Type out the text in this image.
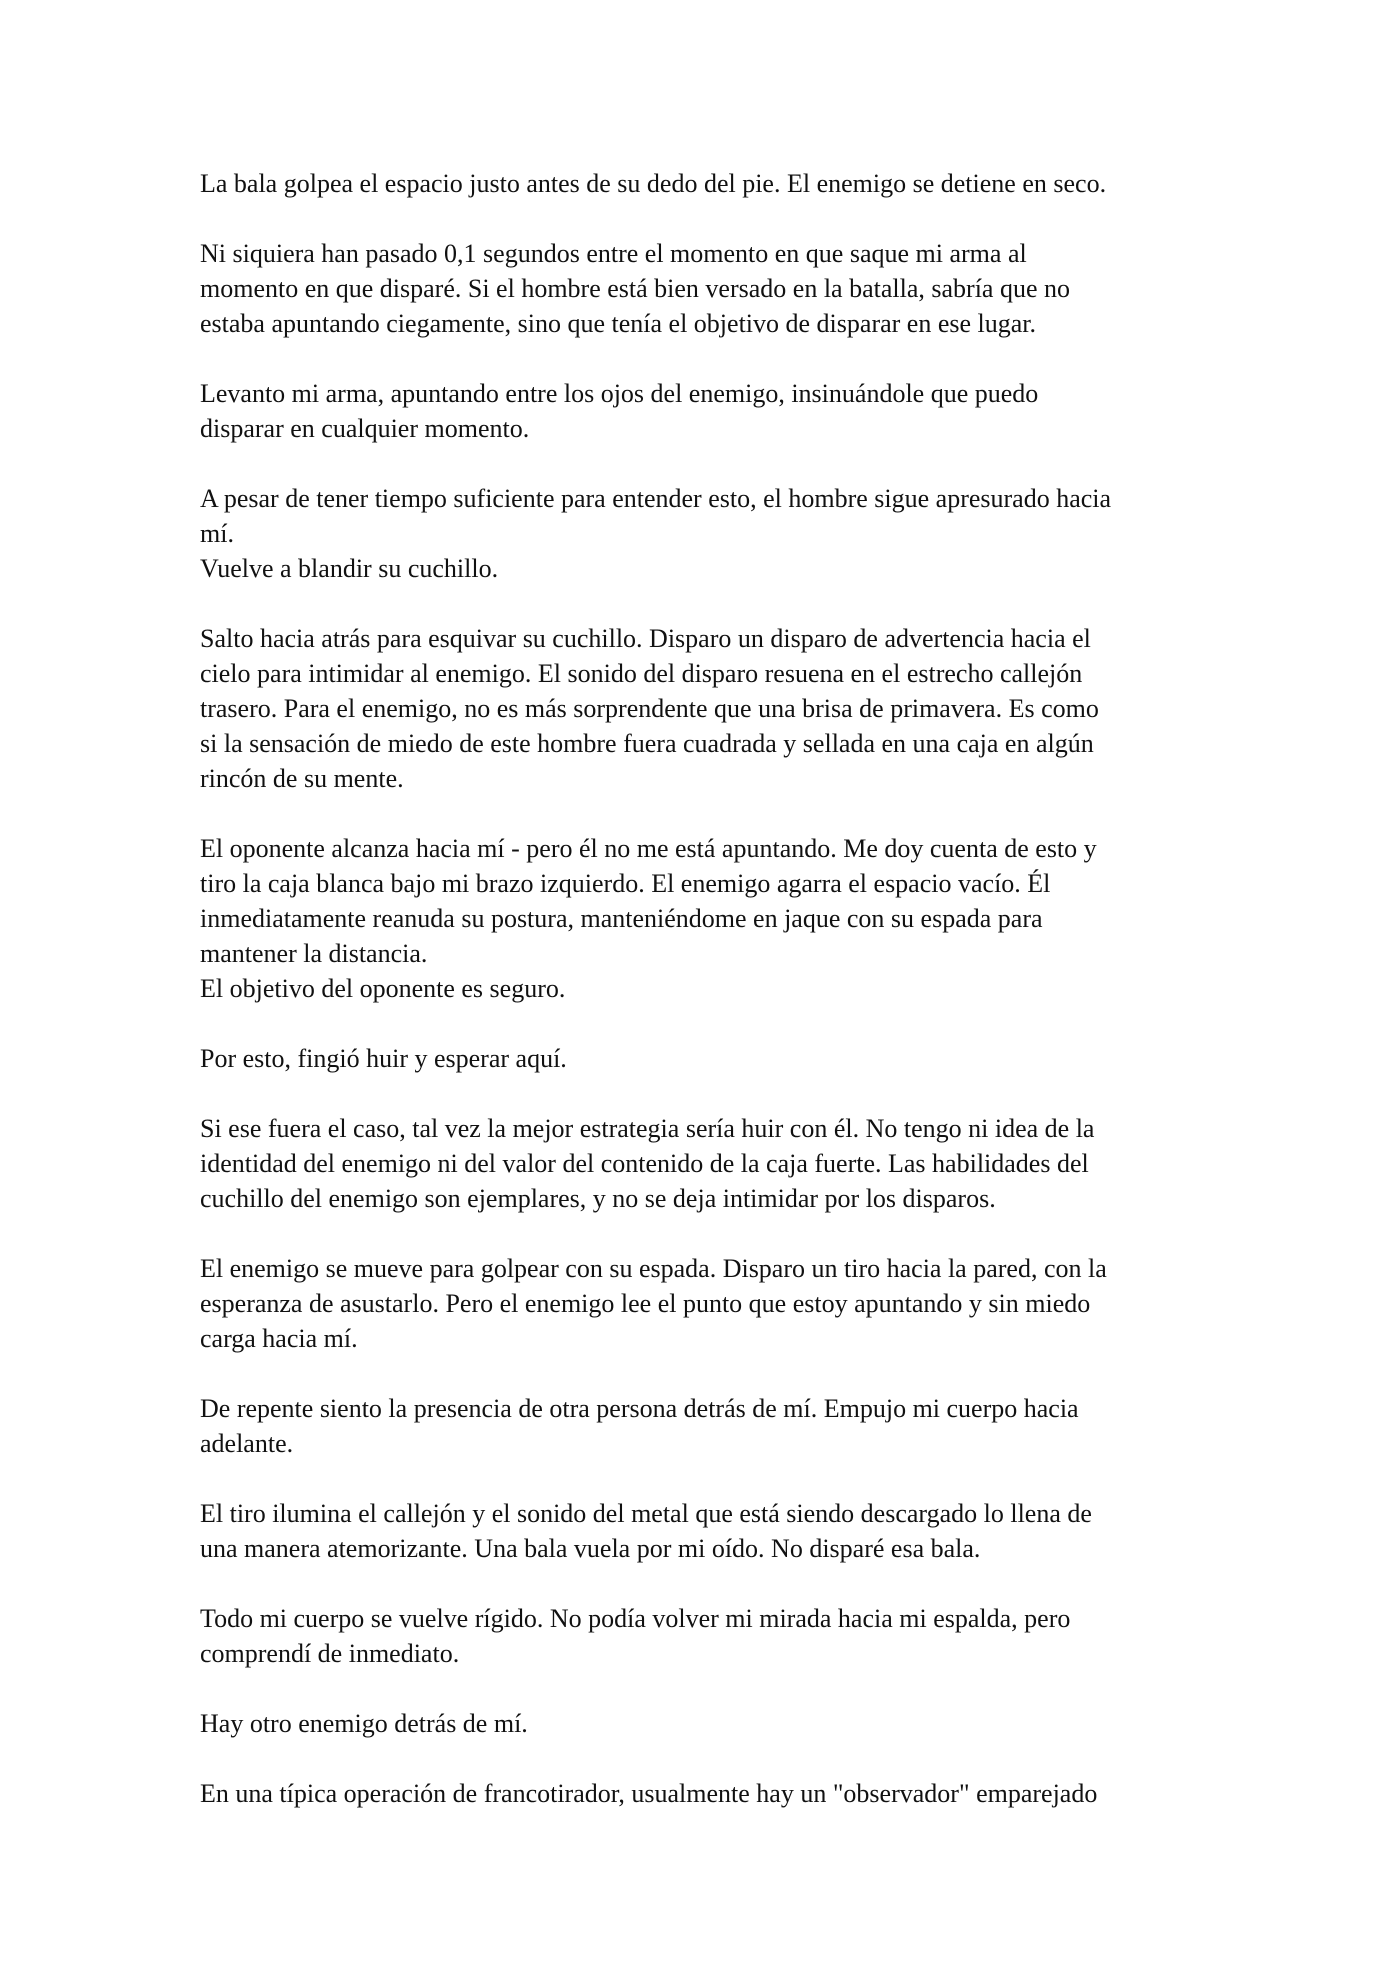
La bala golpea el espacio justo antes de su dedo del pie. El enemigo se detiene en seco.

Ni siquiera han pasado 0,1 segundos entre el momento en que saque mi arma al
momento en que disparé. Si el hombre está bien versado en la batalla, sabría que no
estaba apuntando ciegamente, sino que tenía el objetivo de disparar en ese lugar.

Levanto mi arma, apuntando entre los ojos del enemigo, insinuándole que puedo
disparar en cualquier momento.

A pesar de tener tiempo suficiente para entender esto, el hombre sigue apresurado hacia
mí.
Vuelve a blandir su cuchillo.

Salto hacia atrás para esquivar su cuchillo. Disparo un disparo de advertencia hacia el
cielo para intimidar al enemigo. El sonido del disparo resuena en el estrecho callejón
trasero. Para el enemigo, no es más sorprendente que una brisa de primavera. Es como
si la sensación de miedo de este hombre fuera cuadrada y sellada en una caja en algún
rincón de su mente.

El oponente alcanza hacia mí - pero él no me está apuntando. Me doy cuenta de esto y
tiro la caja blanca bajo mi brazo izquierdo. El enemigo agarra el espacio vacío. Él
inmediatamente reanuda su postura, manteniéndome en jaque con su espada para
mantener la distancia.
El objetivo del oponente es seguro.

Por esto, fingió huir y esperar aquí.

Si ese fuera el caso, tal vez la mejor estrategia sería huir con él. No tengo ni idea de la
identidad del enemigo ni del valor del contenido de la caja fuerte. Las habilidades del
cuchillo del enemigo son ejemplares, y no se deja intimidar por los disparos.

El enemigo se mueve para golpear con su espada. Disparo un tiro hacia la pared, con la
esperanza de asustarlo. Pero el enemigo lee el punto que estoy apuntando y sin miedo
carga hacia mí.

De repente siento la presencia de otra persona detrás de mí. Empujo mi cuerpo hacia
adelante.

El tiro ilumina el callejón y el sonido del metal que está siendo descargado lo llena de
una manera atemorizante. Una bala vuela por mi oído. No disparé esa bala.

Todo mi cuerpo se vuelve rígido. No podía volver mi mirada hacia mi espalda, pero
comprendí de inmediato.

Hay otro enemigo detrás de mí.

En una típica operación de francotirador, usualmente hay un "observador" emparejado
